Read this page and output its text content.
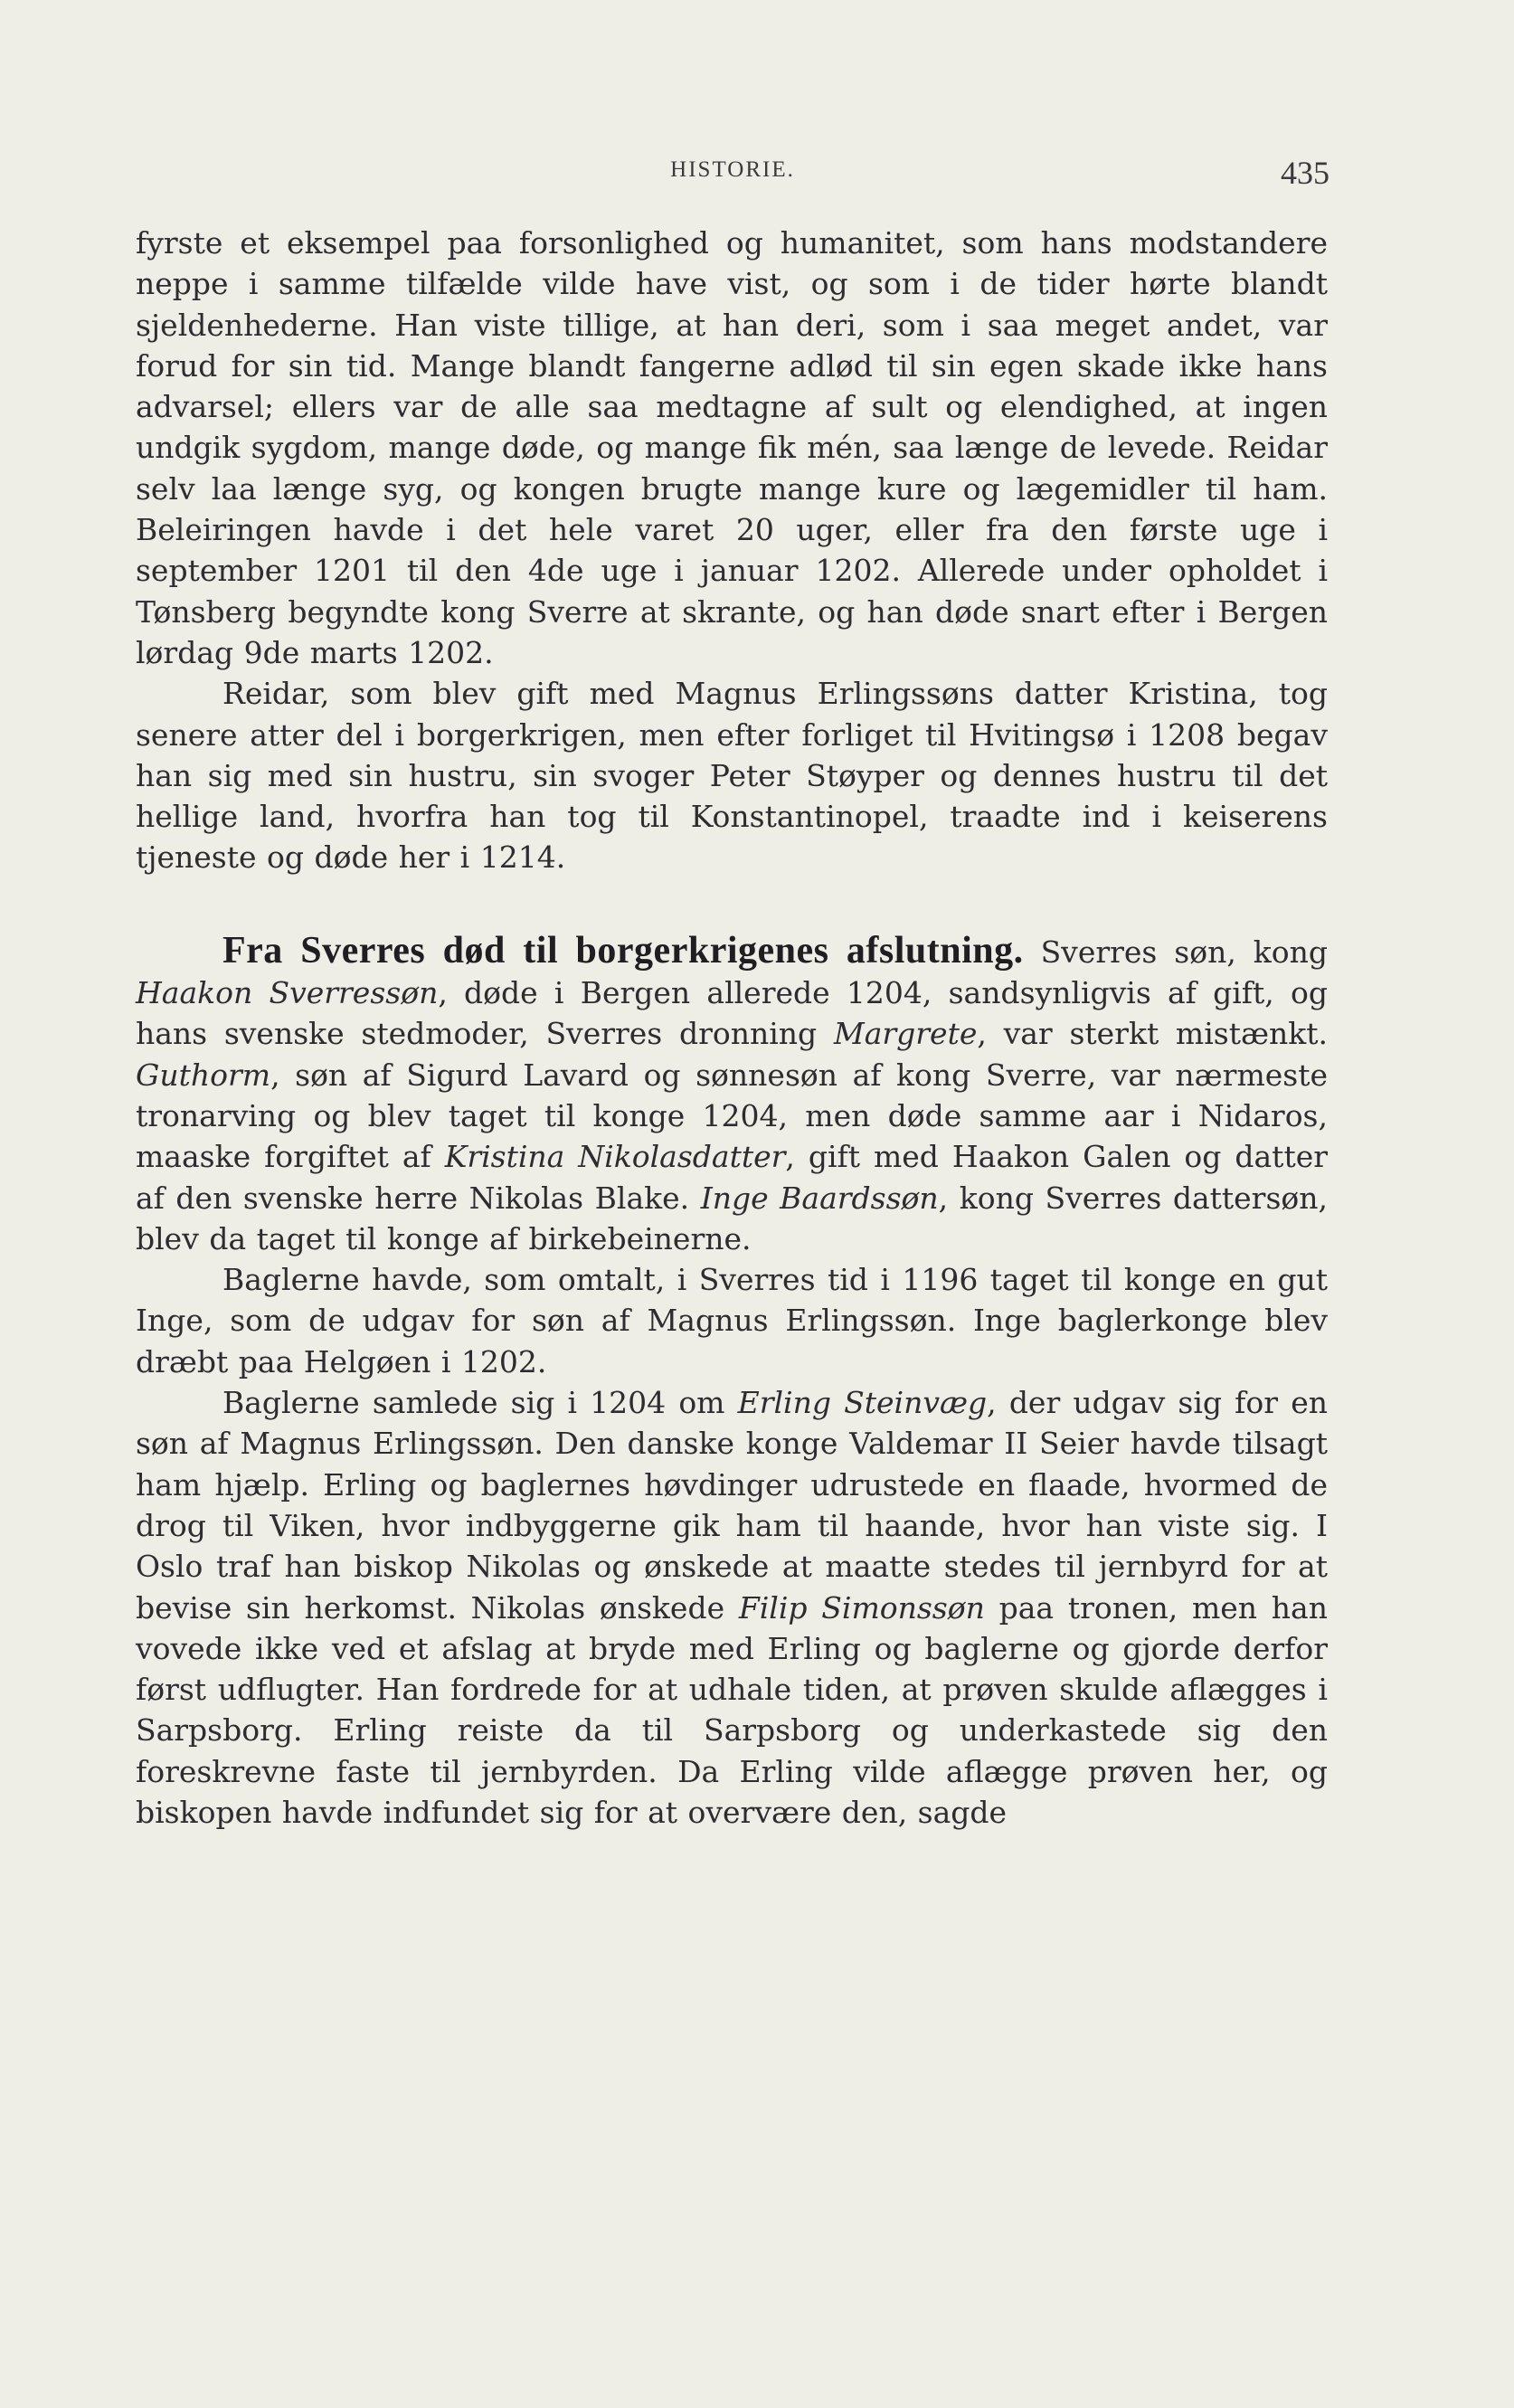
HISTORIE.	435

fyrste et eksempel paa forsonlighed og humanitet, som hans modstandere neppe i samme tilfælde vilde have vist, og som i de tider hørte blandt sjeldenhederne. Han viste tillige, at han deri, som i saa meget andet, var forud for sin tid. Mange blandt fangerne adlød til sin egen skade ikke hans advarsel; ellers var de alle saa medtagne af sult og elendighed, at ingen undgik sygdom, mange døde, og mange fik mén, saa længe de levede. Reidar selv laa længe syg, og kongen brugte mange kure og lægemidler til ham. Beleiringen havde i det hele varet 20 uger, eller fra den første uge i september 1201 til den 4de uge i januar 1202. Allerede under opholdet i Tønsberg begyndte kong Sverre at skrante, og han døde snart efter i Bergen lørdag 9de marts 1202.

Reidar, som blev gift med Magnus Erlingssøns datter Kristina, tog senere atter del i borgerkrigen, men efter forliget til Hvitingsø i 1208 begav han sig med sin hustru, sin svoger Peter Støyper og dennes hustru til det hellige land, hvorfra han tog til Konstantinopel, traadte ind i keiserens tjeneste og døde her i 1214.

Fra Sverres død til borgerkrigenes afslutning. Sverres søn, kong Haakon Sverressøn, døde i Bergen allerede 1204, sandsynligvis af gift, og hans svenske stedmoder, Sverres dronning Margrete, var sterkt mistænkt. Guthorm, søn af Sigurd Lavard og sønnesøn af kong Sverre, var nærmeste tronarving og blev taget til konge 1204, men døde samme aar i Nidaros, maaske forgiftet af Kristina Nikolasdatter, gift med Haakon Galen og datter af den svenske herre Nikolas Blake. Inge Baardssøn, kong Sverres dattersøn, blev da taget til konge af birkebeinerne.

Baglerne havde, som omtalt, i Sverres tid i 1196 taget til konge en gut Inge, som de udgav for søn af Magnus Erlingssøn. Inge baglerkonge blev dræbt paa Helgøen i 1202.

Baglerne samlede sig i 1204 om Erling Steinvæg, der udgav sig for en søn af Magnus Erlingssøn. Den danske konge Valdemar II Seier havde tilsagt ham hjælp. Erling og baglernes høvdinger udrustede en flaade, hvormed de drog til Viken, hvor indbyggerne gik ham til haande, hvor han viste sig. I Oslo traf han biskop Nikolas og ønskede at maatte stedes til jernbyrd for at bevise sin herkomst. Nikolas ønskede Filip Simonssøn paa tronen, men han vovede ikke ved et afslag at bryde med Erling og baglerne og gjorde derfor først udflugter. Han fordrede for at udhale tiden, at prøven skulde aflægges i Sarpsborg. Erling reiste da til Sarpsborg og underkastede sig den foreskrevne faste til jernbyrden. Da Erling vilde aflægge prøven her, og biskopen havde indfundet sig for at overvære den, sagde
